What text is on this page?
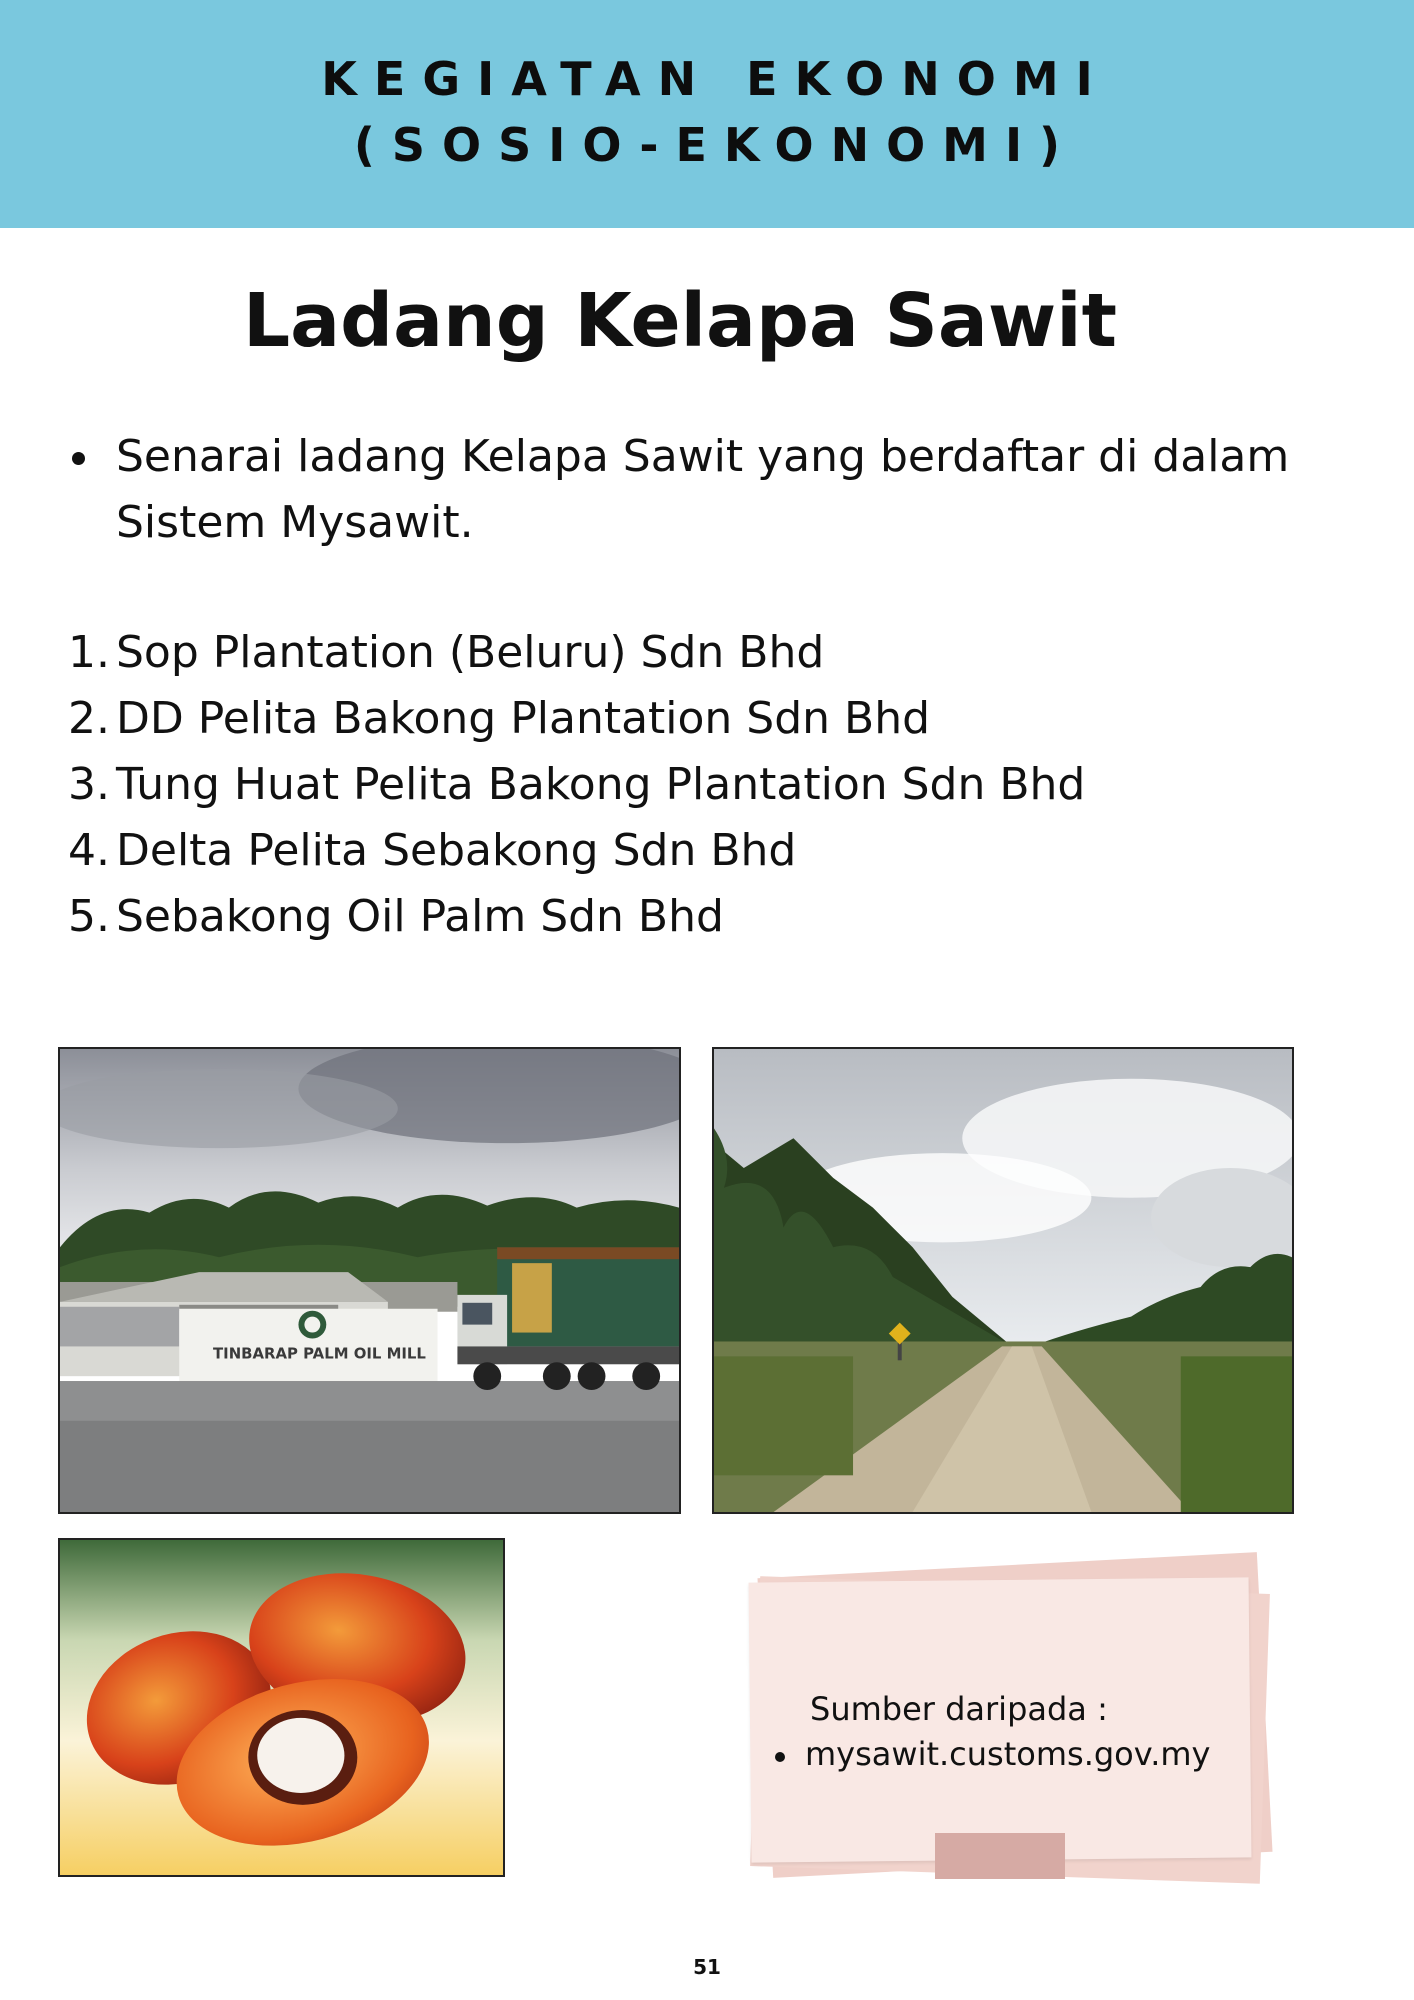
KEGIATAN EKONOMI
(SOSIO-EKONOMI)
Ladang Kelapa Sawit
Senarai ladang Kelapa Sawit yang berdaftar di dalam Sistem Mysawit.
1. Sop Plantation (Beluru) Sdn Bhd
2. DD Pelita Bakong Plantation Sdn Bhd
3. Tung Huat Pelita Bakong Plantation Sdn Bhd
4. Delta Pelita Sebakong Sdn Bhd
5. Sebakong Oil Palm Sdn Bhd
TINBARAP PALM OIL MILL
Sumber daripada :
mysawit.customs.gov.my
51
